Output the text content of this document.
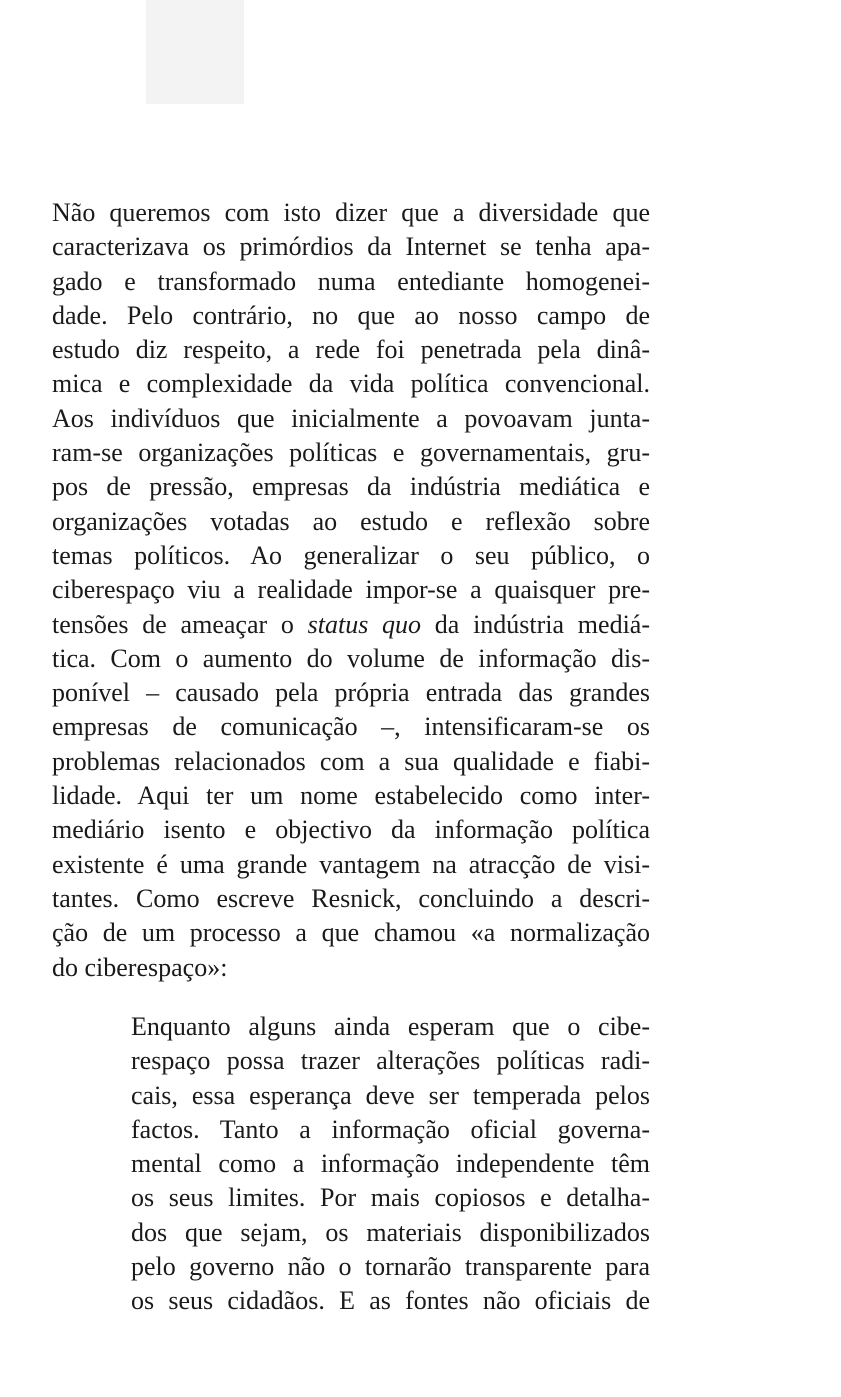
Não queremos com isto dizer que a diversidade que
caracterizava os primórdios da Internet se tenha apa-
gado e transformado numa entediante homogenei-
dade. Pelo contrário, no que ao nosso campo de
estudo diz respeito, a rede foi penetrada pela dinâ-
mica e complexidade da vida política convencional.
Aos indivíduos que inicialmente a povoavam junta-
ram-se organizações políticas e governamentais, gru-
pos de pressão, empresas da indústria mediática e
organizações votadas ao estudo e reflexão sobre
temas políticos. Ao generalizar o seu público, o
ciberespaço viu a realidade impor-se a quaisquer pre-
tensões de ameaçar o status quo da indústria mediá-
tica. Com o aumento do volume de informação dis-
ponível – causado pela própria entrada das grandes
empresas de comunicação –, intensificaram-se os
problemas relacionados com a sua qualidade e fiabi-
lidade. Aqui ter um nome estabelecido como inter-
mediário isento e objectivo da informação política
existente é uma grande vantagem na atracção de visi-
tantes. Como escreve Resnick, concluindo a descri-
ção de um processo a que chamou «a normalização
do ciberespaço»:
Enquanto alguns ainda esperam que o cibe-
respaço possa trazer alterações políticas radi-
cais, essa esperança deve ser temperada pelos
factos. Tanto a informação oficial governa-
mental como a informação independente têm
os seus limites. Por mais copiosos e detalha-
dos que sejam, os materiais disponibilizados
pelo governo não o tornarão transparente para
os seus cidadãos. E as fontes não oficiais de
